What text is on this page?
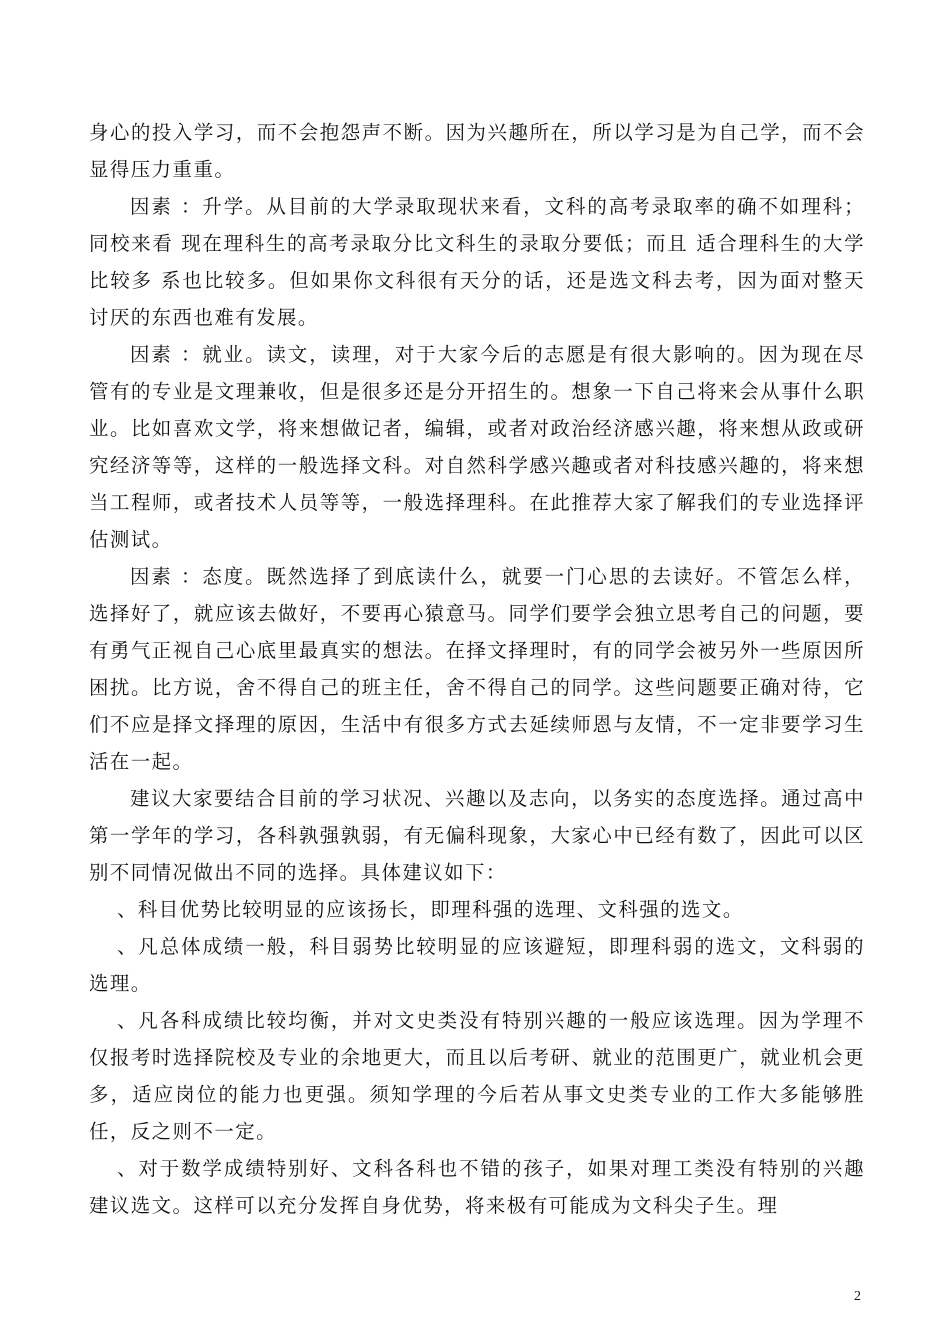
身心的投入学习，而不会抱怨声不断。因为兴趣所在，所以学习是为自己学，而不会显得压力重重。

因素 ：升学。从目前的大学录取现状来看，文科的高考录取率的确不如理科；同校来看 现在理科生的高考录取分比文科生的录取分要低；而且 适合理科生的大学比较多 系也比较多。但如果你文科很有天分的话，还是选文科去考，因为面对整天讨厌的东西也难有发展。

因素 ：就业。读文，读理，对于大家今后的志愿是有很大影响的。因为现在尽管有的专业是文理兼收，但是很多还是分开招生的。想象一下自己将来会从事什么职业。比如喜欢文学，将来想做记者，编辑，或者对政治经济感兴趣，将来想从政或研究经济等等，这样的一般选择文科。对自然科学感兴趣或者对科技感兴趣的，将来想当工程师，或者技术人员等等，一般选择理科。在此推荐大家了解我们的专业选择评估测试。

因素 ：态度。既然选择了到底读什么，就要一门心思的去读好。不管怎么样，选择好了，就应该去做好，不要再心猿意马。同学们要学会独立思考自己的问题，要有勇气正视自己心底里最真实的想法。在择文择理时，有的同学会被另外一些原因所困扰。比方说，舍不得自己的班主任，舍不得自己的同学。这些问题要正确对待，它们不应是择文择理的原因，生活中有很多方式去延续师恩与友情，不一定非要学习生活在一起。

建议大家要结合目前的学习状况、兴趣以及志向，以务实的态度选择。通过高中第一学年的学习，各科孰强孰弱，有无偏科现象，大家心中已经有数了，因此可以区别不同情况做出不同的选择。具体建议如下：

、科目优势比较明显的应该扬长，即理科强的选理、文科强的选文。

、凡总体成绩一般，科目弱势比较明显的应该避短，即理科弱的选文，文科弱的选理。

、凡各科成绩比较均衡，并对文史类没有特别兴趣的一般应该选理。因为学理不仅报考时选择院校及专业的余地更大，而且以后考研、就业的范围更广，就业机会更多，适应岗位的能力也更强。须知学理的今后若从事文史类专业的工作大多能够胜任，反之则不一定。

、对于数学成绩特别好、文科各科也不错的孩子，如果对理工类没有特别的兴趣建议选文。这样可以充分发挥自身优势，将来极有可能成为文科尖子生。理

2
